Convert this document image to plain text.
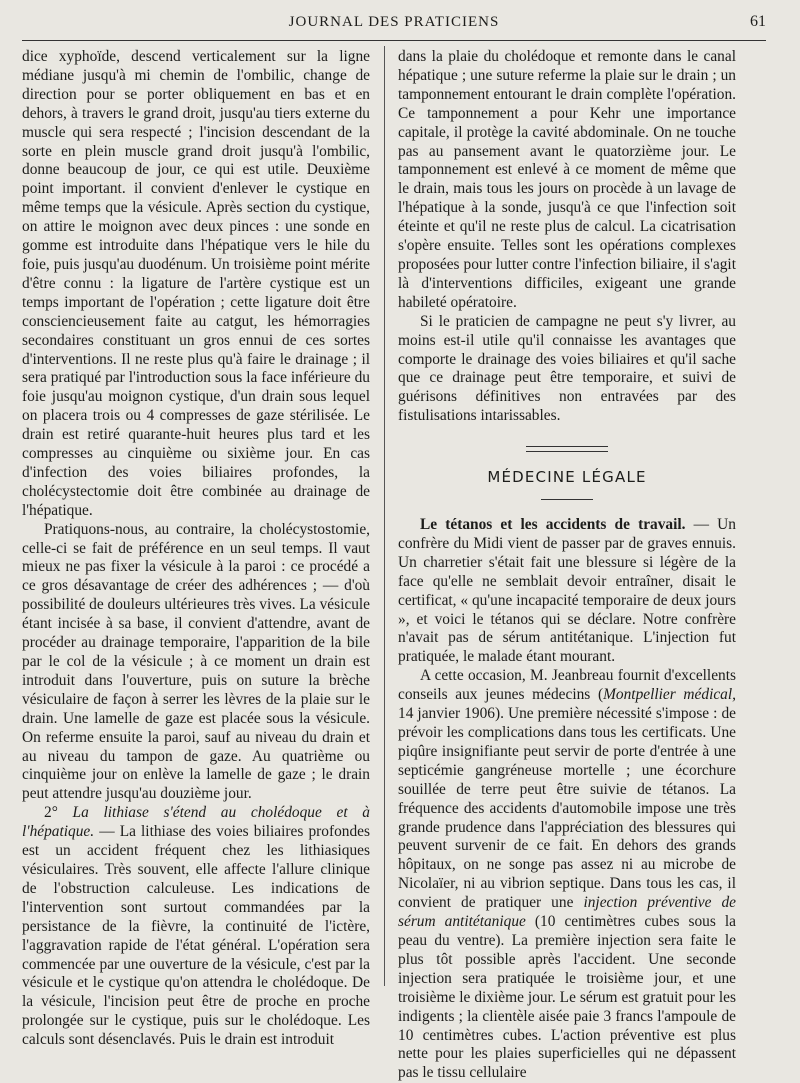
JOURNAL DES PRATICIENS	61

dice xyphoïde, descend verticalement sur la ligne médiane jusqu'à mi chemin de l'ombilic, change de direction pour se porter obliquement en bas et en dehors, à travers le grand droit, jusqu'au tiers externe du muscle qui sera respecté ; l'incision descendant de la sorte en plein muscle grand droit jusqu'à l'ombilic, donne beaucoup de jour, ce qui est utile. Deuxième point important. il convient d'enlever le cystique en même temps que la vésicule. Après section du cystique, on attire le moignon avec deux pinces : une sonde en gomme est introduite dans l'hépatique vers le hile du foie, puis jusqu'au duodénum. Un troisième point mérite d'être connu : la ligature de l'artère cystique est un temps important de l'opération ; cette ligature doit être consciencieusement faite au catgut, les hémorragies secondaires constituant un gros ennui de ces sortes d'interventions. Il ne reste plus qu'à faire le drainage ; il sera pratiqué par l'introduction sous la face inférieure du foie jusqu'au moignon cystique, d'un drain sous lequel on placera trois ou 4 compresses de gaze stérilisée. Le drain est retiré quarante-huit heures plus tard et les compresses au cinquième ou sixième jour. En cas d'infection des voies biliaires profondes, la cholécystectomie doit être combinée au drainage de l'hépatique.

Pratiquons-nous, au contraire, la cholécystostomie, celle-ci se fait de préférence en un seul temps. Il vaut mieux ne pas fixer la vésicule à la paroi : ce procédé a ce gros désavantage de créer des adhérences ; — d'où possibilité de douleurs ultérieures très vives. La vésicule étant incisée à sa base, il convient d'attendre, avant de procéder au drainage temporaire, l'apparition de la bile par le col de la vésicule ; à ce moment un drain est introduit dans l'ouverture, puis on suture la brèche vésiculaire de façon à serrer les lèvres de la plaie sur le drain. Une lamelle de gaze est placée sous la vésicule. On referme ensuite la paroi, sauf au niveau du drain et au niveau du tampon de gaze. Au quatrième ou cinquième jour on enlève la lamelle de gaze ; le drain peut attendre jusqu'au douzième jour.

2° La lithiase s'étend au cholédoque et à l'hépatique. — La lithiase des voies biliaires profondes est un accident fréquent chez les lithiasiques vésiculaires. Très souvent, elle affecte l'allure clinique de l'obstruction calculeuse. Les indications de l'intervention sont surtout commandées par la persistance de la fièvre, la continuité de l'ictère, l'aggravation rapide de l'état général. L'opération sera commencée par une ouverture de la vésicule, c'est par la vésicule et le cystique qu'on attendra le cholédoque. De la vésicule, l'incision peut être de proche en proche prolongée sur le cystique, puis sur le cholédoque. Les calculs sont désenclavés. Puis le drain est introduit

dans la plaie du cholédoque et remonte dans le canal hépatique ; une suture referme la plaie sur le drain ; un tamponnement entourant le drain complète l'opération. Ce tamponnement a pour Kehr une importance capitale, il protège la cavité abdominale. On ne touche pas au pansement avant le quatorzième jour. Le tamponnement est enlevé à ce moment de même que le drain, mais tous les jours on procède à un lavage de l'hépatique à la sonde, jusqu'à ce que l'infection soit éteinte et qu'il ne reste plus de calcul. La cicatrisation s'opère ensuite. Telles sont les opérations complexes proposées pour lutter contre l'infection biliaire, il s'agit là d'interventions difficiles, exigeant une grande habileté opératoire.

Si le praticien de campagne ne peut s'y livrer, au moins est-il utile qu'il connaisse les avantages que comporte le drainage des voies biliaires et qu'il sache que ce drainage peut être temporaire, et suivi de guérisons définitives non entravées par des fistulisations intarissables.

MÉDECINE LÉGALE

Le tétanos et les accidents de travail. — Un confrère du Midi vient de passer par de graves ennuis. Un charretier s'était fait une blessure si légère de la face qu'elle ne semblait devoir entraîner, disait le certificat, « qu'une incapacité temporaire de deux jours », et voici le tétanos qui se déclare. Notre confrère n'avait pas de sérum antitétanique. L'injection fut pratiquée, le malade étant mourant.

A cette occasion, M. Jeanbreau fournit d'excellents conseils aux jeunes médecins (Montpellier médical, 14 janvier 1906). Une première nécessité s'impose : de prévoir les complications dans tous les certificats. Une piqûre insignifiante peut servir de porte d'entrée à une septicémie gangréneuse mortelle ; une écorchure souillée de terre peut être suivie de tétanos. La fréquence des accidents d'automobile impose une très grande prudence dans l'appréciation des blessures qui peuvent survenir de ce fait. En dehors des grands hôpitaux, on ne songe pas assez ni au microbe de Nicolaïer, ni au vibrion septique. Dans tous les cas, il convient de pratiquer une injection préventive de sérum antitétanique (10 centimètres cubes sous la peau du ventre). La première injection sera faite le plus tôt possible après l'accident. Une seconde injection sera pratiquée le troisième jour, et une troisième le dixième jour. Le sérum est gratuit pour les indigents ; la clientèle aisée paie 3 francs l'ampoule de 10 centimètres cubes. L'action préventive est plus nette pour les plaies superficielles qui ne dépassent pas le tissu cellulaire
